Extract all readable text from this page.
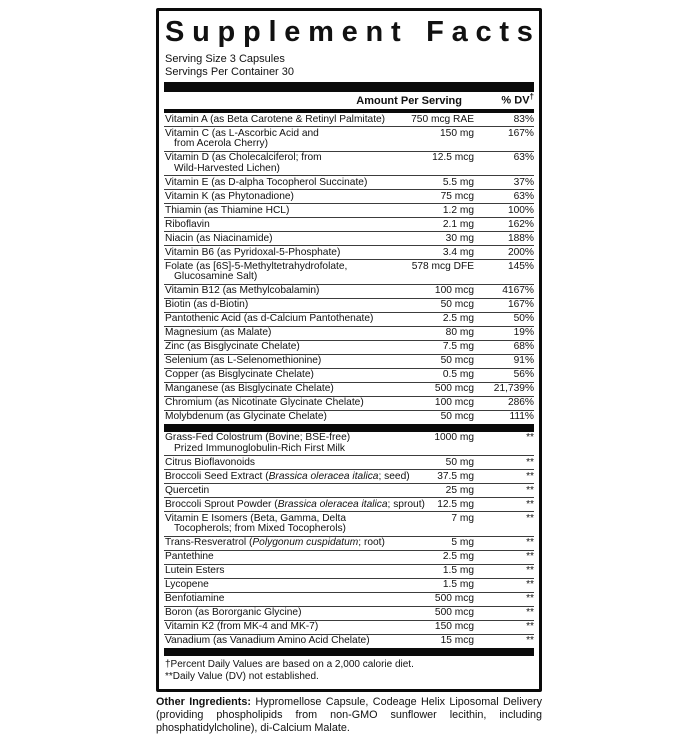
S u p p l e m e n t
F a c t s
Serving Size 3 Capsules
Servings Per Container 30
Amount Per Serving	% DV†
Vitamin A (as Beta Carotene & Retinyl Palmitate)	750 mcg RAE	83%
Vitamin C (as L-Ascorbic Acid and
from Acerola Cherry)
150 mg	167%
Vitamin D (as Cholecalciferol; from
Wild-Harvested Lichen)
12.5 mcg	63%
Vitamin E (as D-alpha Tocopherol Succinate)	5.5 mg	37%
Vitamin K (as Phytonadione)	75 mcg	63%
Thiamin (as Thiamine HCL)	1.2 mg	100%
Riboflavin	2.1 mg	162%
Niacin (as Niacinamide)	30 mg	188%
Vitamin B6 (as Pyridoxal-5-Phosphate)	3.4 mg	200%
Folate (as [6S]-5-Methyltetrahydrofolate,
Glucosamine Salt)
578 mcg DFE	145%
Vitamin B12 (as Methylcobalamin)	100 mcg	4167%
Biotin (as d-Biotin)	50 mcg	167%
Pantothenic Acid (as d-Calcium Pantothenate)	2.5 mg	50%
Magnesium (as Malate)	80 mg	19%
Zinc (as Bisglycinate Chelate)	7.5 mg	68%
Selenium (as L-Selenomethionine)	50 mcg	91%
Copper (as Bisglycinate Chelate)	0.5 mg	56%
Manganese (as Bisglycinate Chelate)	500 mcg 21,739%
Chromium (as Nicotinate Glycinate Chelate)	100 mcg	286%
Molybdenum (as Glycinate Chelate)	50 mcg	111%
Grass-Fed Colostrum (Bovine; BSE-free)
Prized Immunoglobulin-Rich First Milk
1000 mg	**
Citrus Bioflavonoids	50 mg	**
Broccoli Seed Extract (Brassica oleracea italica; seed)	37.5 mg	**
Quercetin	25 mg	**
Broccoli Sprout Powder (Brassica oleracea italica; sprout)	12.5 mg	**
Vitamin E Isomers (Beta, Gamma, Delta
Tocopherols; from Mixed Tocopherols)
7 mg	**
Trans-Resveratrol (Polygonum cuspidatum; root)	5 mg	**
Pantethine	2.5 mg	**
Lutein Esters	1.5 mg	**
Lycopene	1.5 mg	**
Benfotiamine	500 mcg	**
Boron (as Bororganic Glycine)	500 mcg	**
Vitamin K2 (from MK-4 and MK-7)	150 mcg	**
Vanadium (as Vanadium Amino Acid Chelate)	15 mcg	**
†Percent Daily Values are based on a 2,000 calorie diet.
**Daily Value (DV) not established.

Other Ingredients: Hypromellose Capsule, Codeage Helix Liposomal Delivery (providing phospholipids from non-GMO sunflower lecithin, including phosphatidylcholine), di-Calcium Malate.
